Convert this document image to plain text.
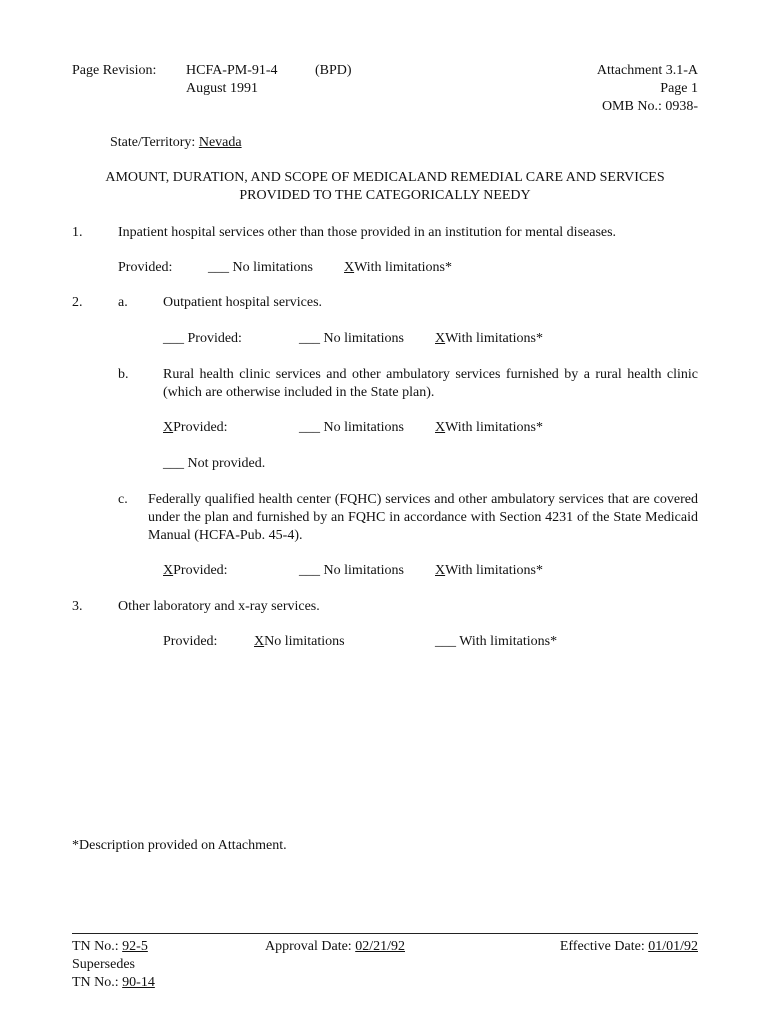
Page Revision: HCFA-PM-91-4	(BPD)
August 1991
Attachment 3.1-A
Page 1
OMB No.: 0938-
State/Territory: Nevada
AMOUNT, DURATION, AND SCOPE OF MEDICALAND REMEDIAL CARE AND SERVICES
PROVIDED TO THE CATEGORICALLY NEEDY
1.	Inpatient hospital services other than those provided in an institution for mental diseases.
Provided:	___ No limitations XWith limitations*
2.	a.	Outpatient hospital services.
___ Provided:	___ No limitations XWith limitations*
b. Rural health clinic services and other ambulatory services furnished by a rural health clinic (which are otherwise included in the State plan).
XProvided:	___ No limitations XWith limitations*
___ Not provided.
c. Federally qualified health center (FQHC) services and other ambulatory services that are covered under the plan and furnished by an FQHC in accordance with Section 4231 of the State Medicaid Manual (HCFA-Pub. 45-4).
XProvided:	___ No limitations XWith limitations*
3.	Other laboratory and x-ray services.
Provided:	XNo limitations	___ With limitations*
*Description provided on Attachment.
TN No.: 92-5
Supersedes
TN No.: 90-14
Approval Date: 02/21/92	Effective Date: 01/01/92
